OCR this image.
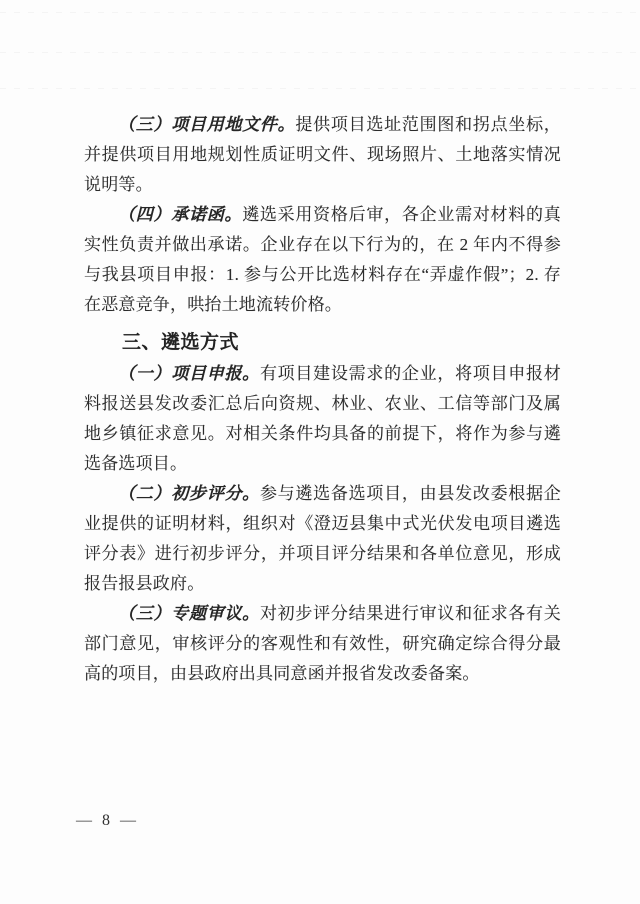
（三）项目用地文件。提供项目选址范围图和拐点坐标，并提供项目用地规划性质证明文件、现场照片、土地落实情况说明等。

（四）承诺函。遴选采用资格后审，各企业需对材料的真实性负责并做出承诺。企业存在以下行为的，在 2 年内不得参与我县项目申报：1. 参与公开比选材料存在“弄虚作假”；2. 存在恶意竞争，哄抬土地流转价格。

三、遴选方式

（一）项目申报。有项目建设需求的企业，将项目申报材料报送县发改委汇总后向资规、林业、农业、工信等部门及属地乡镇征求意见。对相关条件均具备的前提下，将作为参与遴选备选项目。

（二）初步评分。参与遴选备选项目，由县发改委根据企业提供的证明材料，组织对《澄迈县集中式光伏发电项目遴选评分表》进行初步评分，并项目评分结果和各单位意见，形成报告报县政府。

（三）专题审议。对初步评分结果进行审议和征求各有关部门意见，审核评分的客观性和有效性，研究确定综合得分最高的项目，由县政府出具同意函并报省发改委备案。

— 8 —
